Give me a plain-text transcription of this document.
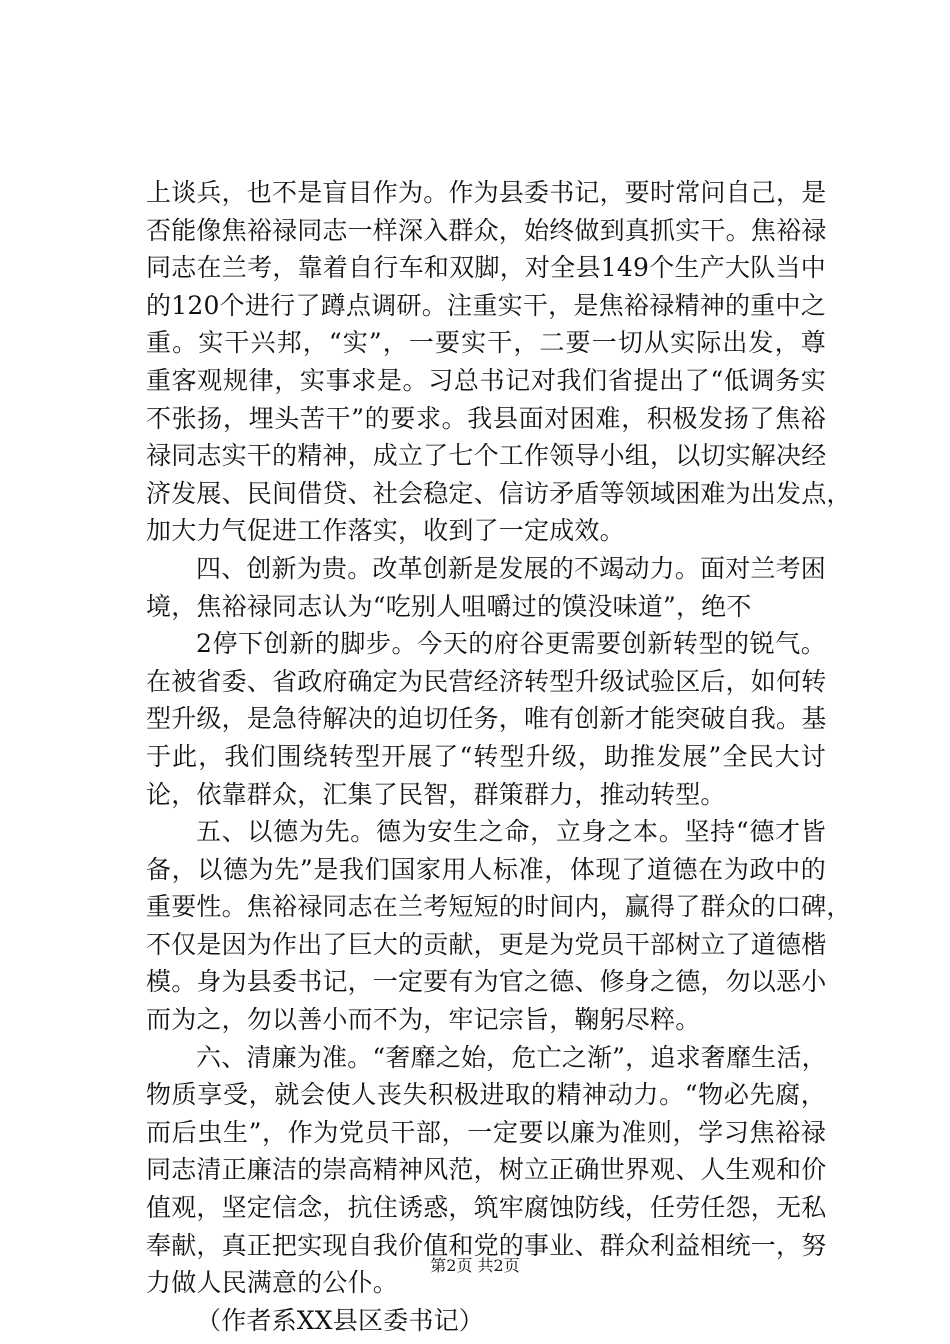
上谈兵，也不是盲目作为。作为县委书记，要时常问自己，是
否能像焦裕禄同志一样深入群众，始终做到真抓实干。焦裕禄
同志在兰考，靠着自行车和双脚，对全县149个生产大队当中
的120个进行了蹲点调研。注重实干，是焦裕禄精神的重中之
重。实干兴邦，“实”，一要实干，二要一切从实际出发，尊
重客观规律，实事求是。习总书记对我们省提出了“低调务实
不张扬，埋头苦干”的要求。我县面对困难，积极发扬了焦裕
禄同志实干的精神，成立了七个工作领导小组，以切实解决经
济发展、民间借贷、社会稳定、信访矛盾等领域困难为出发点，
加大力气促进工作落实，收到了一定成效。
四、创新为贵。改革创新是发展的不竭动力。面对兰考困
境，焦裕禄同志认为“吃别人咀嚼过的馍没味道”，绝不
2停下创新的脚步。今天的府谷更需要创新转型的锐气。
在被省委、省政府确定为民营经济转型升级试验区后，如何转
型升级，是急待解决的迫切任务，唯有创新才能突破自我。基
于此，我们围绕转型开展了“转型升级，助推发展”全民大讨
论，依靠群众，汇集了民智，群策群力，推动转型。
五、以德为先。德为安生之命，立身之本。坚持“德才皆
备，以德为先”是我们国家用人标准，体现了道德在为政中的
重要性。焦裕禄同志在兰考短短的时间内，赢得了群众的口碑，
不仅是因为作出了巨大的贡献，更是为党员干部树立了道德楷
模。身为县委书记，一定要有为官之德、修身之德，勿以恶小
而为之，勿以善小而不为，牢记宗旨，鞠躬尽粹。
六、清廉为准。“奢靡之始，危亡之渐”，追求奢靡生活，
物质享受，就会使人丧失积极进取的精神动力。“物必先腐，
而后虫生”，作为党员干部，一定要以廉为准则，学习焦裕禄
同志清正廉洁的崇高精神风范，树立正确世界观、人生观和价
值观，坚定信念，抗住诱惑，筑牢腐蚀防线，任劳任怨，无私
奉献，真正把实现自我价值和党的事业、群众利益相统一，努
力做人民满意的公仆。
（作者系XX县区委书记）
第2页 共2页
